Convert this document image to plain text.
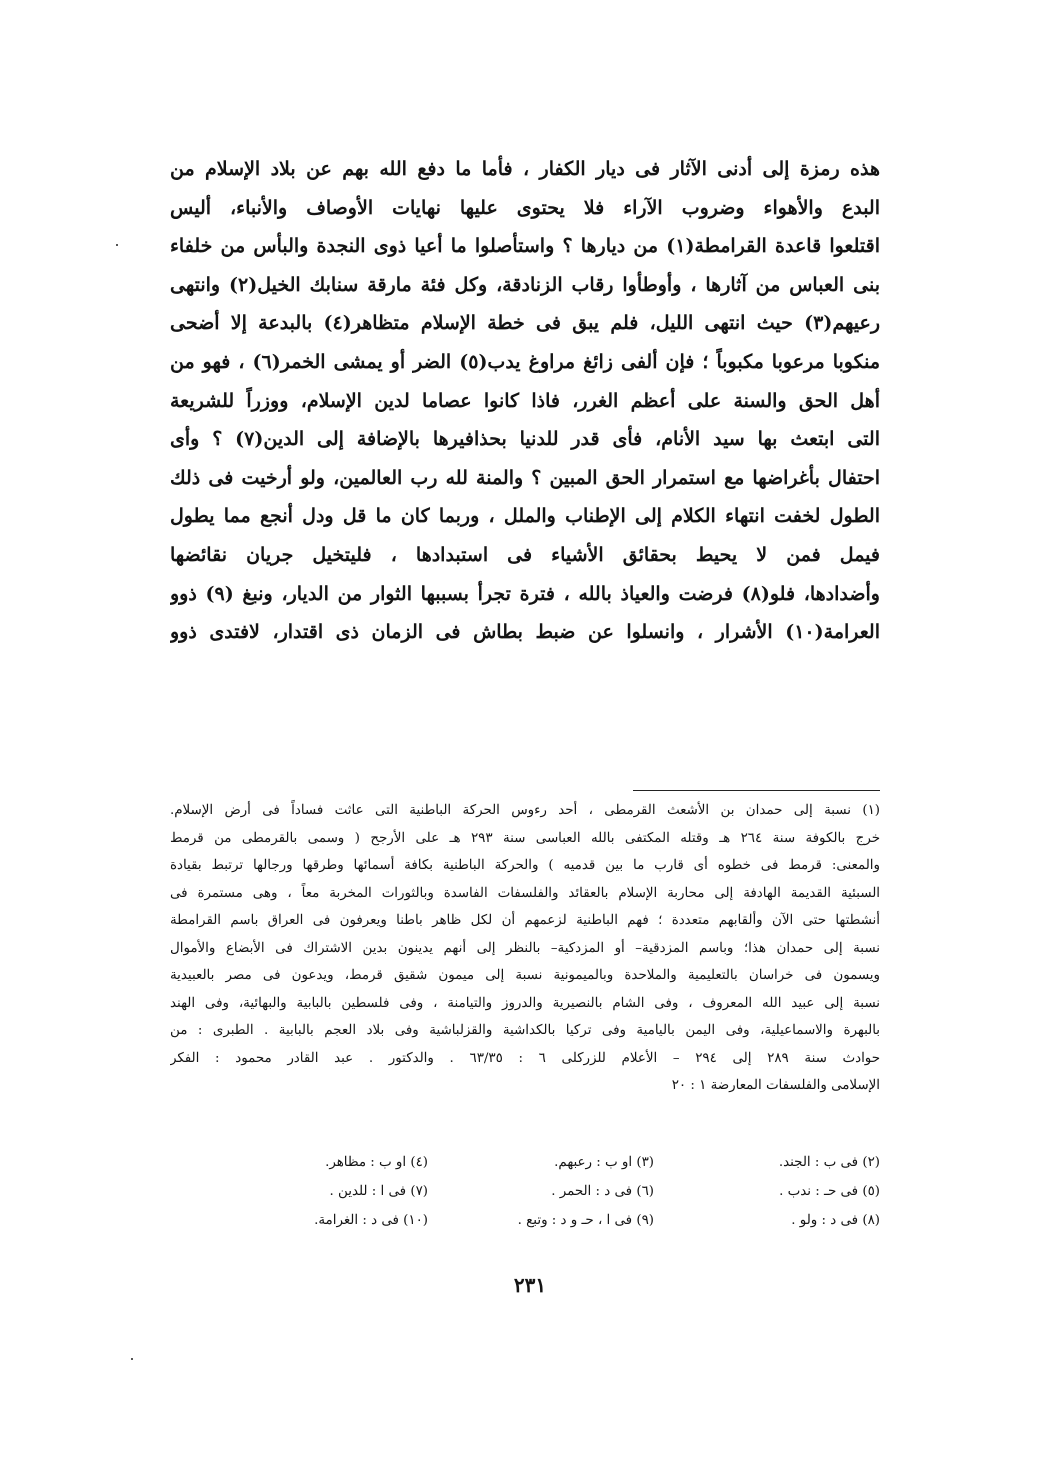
هذه رمزة إلى أدنى الآثار فى ديار الكفار ، فأما ما دفع الله بهم عن بلاد الإسلام من
البدع والأهواء وضروب الآراء فلا يحتوى عليها نهايات الأوصاف والأنباء، أليس
اقتلعوا قاعدة القرامطة(١) من ديارها ؟ واستأصلوا ما أعيا ذوى النجدة والبأس من خلفاء
بنى العباس من آثارها ، وأوطأوا رقاب الزنادقة، وكل فئة مارقة سنابك الخيل(٢) وانتهى
رعيهم(٣) حيث انتهى الليل، فلم يبق فى خطة الإسلام متظاهر(٤) بالبدعة إلا أضحى
منكوبا مرعوبا مكبوباً ؛ فإن ألفى زائغ مراوغ يدب(٥) الضر أو يمشى الخمر(٦) ، فهو من
أهل الحق والسنة على أعظم الغرر، فاذا كانوا عصاما لدين الإسلام، ووزراً للشريعة
التى ابتعث بها سيد الأنام، فأى قدر للدنيا بحذافيرها بالإضافة إلى الدين(٧) ؟ وأى
احتفال بأغراضها مع استمرار الحق المبين ؟ والمنة لله رب العالمين، ولو أرخيت فى ذلك
الطول لخفت انتهاء الكلام إلى الإطناب والملل ، وربما كان ما قل ودل أنجع مما يطول
فيمل فمن لا يحيط بحقائق الأشياء فى استبدادها ، فليتخيل جريان نقائضها
وأضدادها، فلو(٨) فرضت والعياذ بالله ، فترة تجرأ بسببها الثوار من الديار، ونبغ (٩) ذوو
العرامة(١٠) الأشرار ، وانسلوا عن ضبط بطاش فى الزمان ذى اقتدار، لافتدى ذوو
(١) نسبة إلى حمدان بن الأشعث القرمطى ، أحد رءوس الحركة الباطنية التى عاثت فساداً فى أرض الإسلام.
خرج بالكوفة سنة ٢٦٤ هـ وقتله المكتفى بالله العباسى سنة ٢٩٣ هـ على الأرجح ( وسمى بالقرمطى من قرمط
والمعنى: قرمط فى خطوه أى قارب ما بين قدميه ) والحركة الباطنية بكافة أسمائها وطرقها ورجالها ترتبط بقيادة
السبئية القديمة الهادفة إلى محاربة الإسلام بالعقائد والفلسفات الفاسدة وبالثورات المخربة معاً ، وهى مستمرة فى
أنشطتها حتى الآن وألقابهم متعددة ؛ فهم الباطنية لزعمهم أن لكل ظاهر باطنا ويعرفون فى العراق باسم القرامطة
نسبة إلى حمدان هذا؛ وباسم المزدقية– أو المزدكية– بالنظر إلى أنهم يدينون بدين الاشتراك فى الأبضاع والأموال
ويسمون فى خراسان بالتعليمية والملاحدة وبالميمونية نسبة إلى ميمون شقيق قرمط، ويدعون فى مصر بالعبيدية
نسبة إلى عبيد الله المعروف ، وفى الشام بالنصيرية والدروز والتيامنة ، وفى فلسطين بالبابية والبهائية، وفى الهند
بالبهرة والاسماعيلية، وفى اليمن باليامية وفى تركيا بالكداشية والقزلباشية وفى بلاد العجم بالبابية . الطبرى : من
حوادث سنة ٢٨٩ إلى ٢٩٤ – الأعلام للزركلى ٦ : ٦٣/٣٥ . والدكتور . عبد القادر محمود : الفكر
الإسلامى والفلسفات المعارضة ١ : ٢٠
(٢) فى ب : الجند.
(٣) او ب : رعبهم.
(٤) او ب : مظاهر.
(٥) فى حـ : ندب .
(٦) فى د : الحمر .
(٧) فى ا : للدين .
(٨) فى د : ولو .
(٩) فى ا ، حـ و د : وتبع .
(١٠) فى د : الغرامة.
٢٣١
